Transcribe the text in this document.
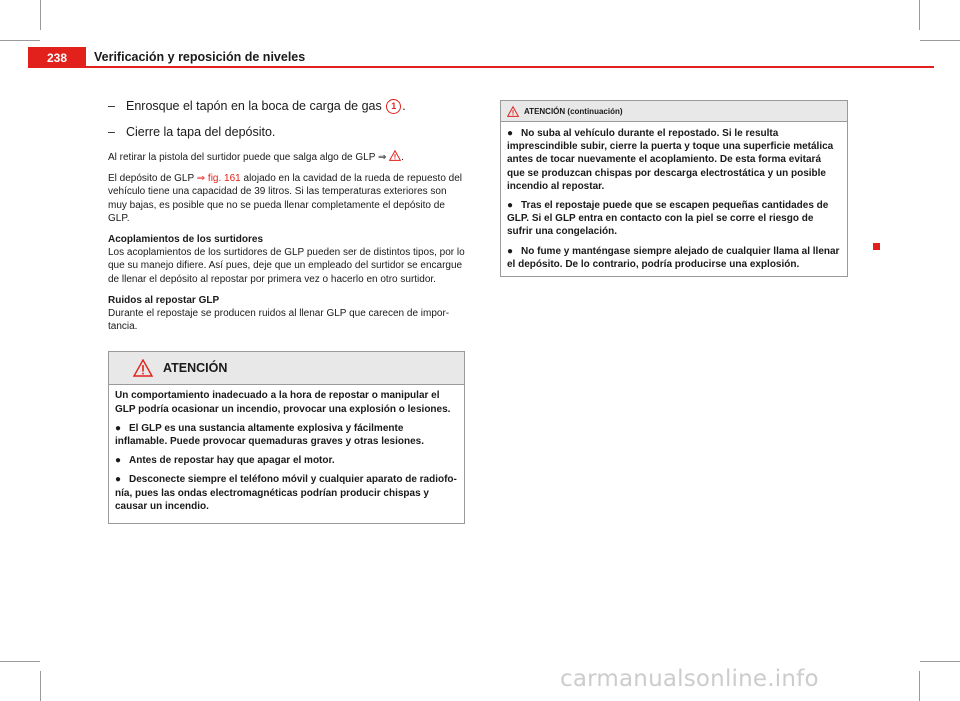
238	Verificación y reposición de niveles
– Enrosque el tapón en la boca de carga de gas 1 .
– Cierre la tapa del depósito.

Al retirar la pistola del surtidor puede que salga algo de GLP ⇒ .

El depósito de GLP ⇒ fig. 161 alojado en la cavidad de la rueda de repuesto del vehículo tiene una capacidad de 39 litros. Si las temperaturas exteriores son muy bajas, es posible que no se pueda llenar completamente el depósito de GLP.

Acoplamientos de los surtidores

Los acoplamientos de los surtidores de GLP pueden ser de distintos tipos, por lo que su manejo difiere. Así pues, deje que un empleado del surtidor se encargue de llenar el depósito al repostar por primera vez o hacerlo en otro surtidor.

Ruidos al repostar GLP

Durante el repostaje se producen ruidos al llenar GLP que carecen de importancia.

ATENCIÓN

Un comportamiento inadecuado a la hora de repostar o manipular el GLP podría ocasionar un incendio, provocar una explosión o lesiones.

● El GLP es una sustancia altamente explosiva y fácilmente inflamable. Puede provocar quemaduras graves y otras lesiones.

● Antes de repostar hay que apagar el motor.

● Desconecte siempre el teléfono móvil y cualquier aparato de radiofonía, pues las ondas electromagnéticas podrían producir chispas y causar un incendio.

ATENCIÓN (continuación)

● No suba al vehículo durante el repostado. Si le resulta imprescindible subir, cierre la puerta y toque una superficie metálica antes de tocar nuevamente el acoplamiento. De esta forma evitará que se produzcan chispas por descarga electrostática y un posible incendio al repostar.

● Tras el repostaje puede que se escapen pequeñas cantidades de GLP. Si el GLP entra en contacto con la piel se corre el riesgo de sufrir una congelación.

● No fume y manténgase siempre alejado de cualquier llama al llenar el depósito. De lo contrario, podría producirse una explosión.

carmanualsonline.info
